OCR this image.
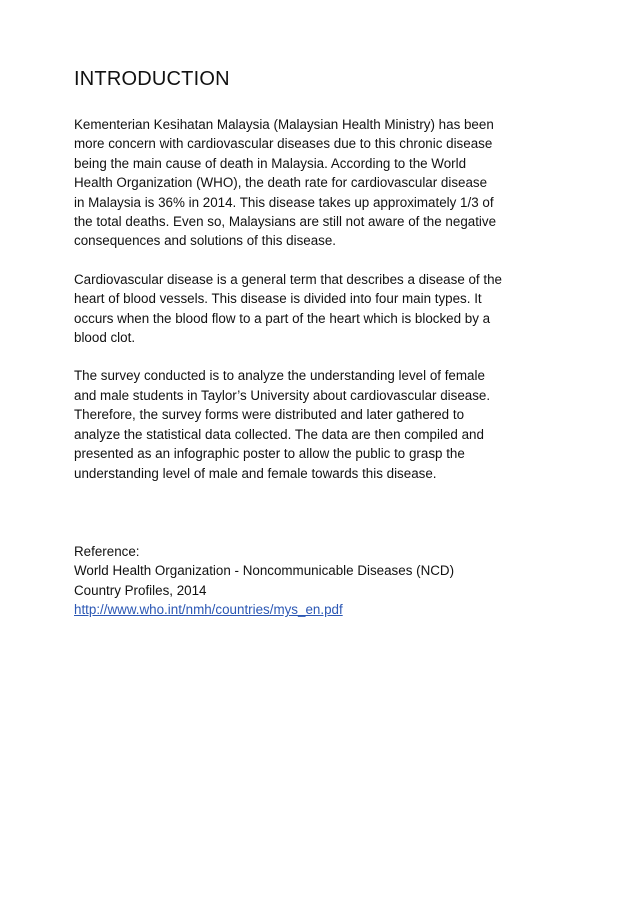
INTRODUCTION

Kementerian Kesihatan Malaysia (Malaysian Health Ministry) has been
more concern with cardiovascular diseases due to this chronic disease
being the main cause of death in Malaysia. According to the World
Health Organization (WHO), the death rate for cardiovascular disease
in Malaysia is 36% in 2014. This disease takes up approximately 1/3 of
the total deaths. Even so, Malaysians are still not aware of the negative
consequences and solutions of this disease.

Cardiovascular disease is a general term that describes a disease of the
heart of blood vessels. This disease is divided into four main types. It
occurs when the blood flow to a part of the heart which is blocked by a
blood clot.

The survey conducted is to analyze the understanding level of female
and male students in Taylor’s University about cardiovascular disease.
Therefore, the survey forms were distributed and later gathered to
analyze the statistical data collected. The data are then compiled and
presented as an infographic poster to allow the public to grasp the
understanding level of male and female towards this disease.

Reference:
World Health Organization - Noncommunicable Diseases (NCD)
Country Profiles, 2014
http://www.who.int/nmh/countries/mys_en.pdf
